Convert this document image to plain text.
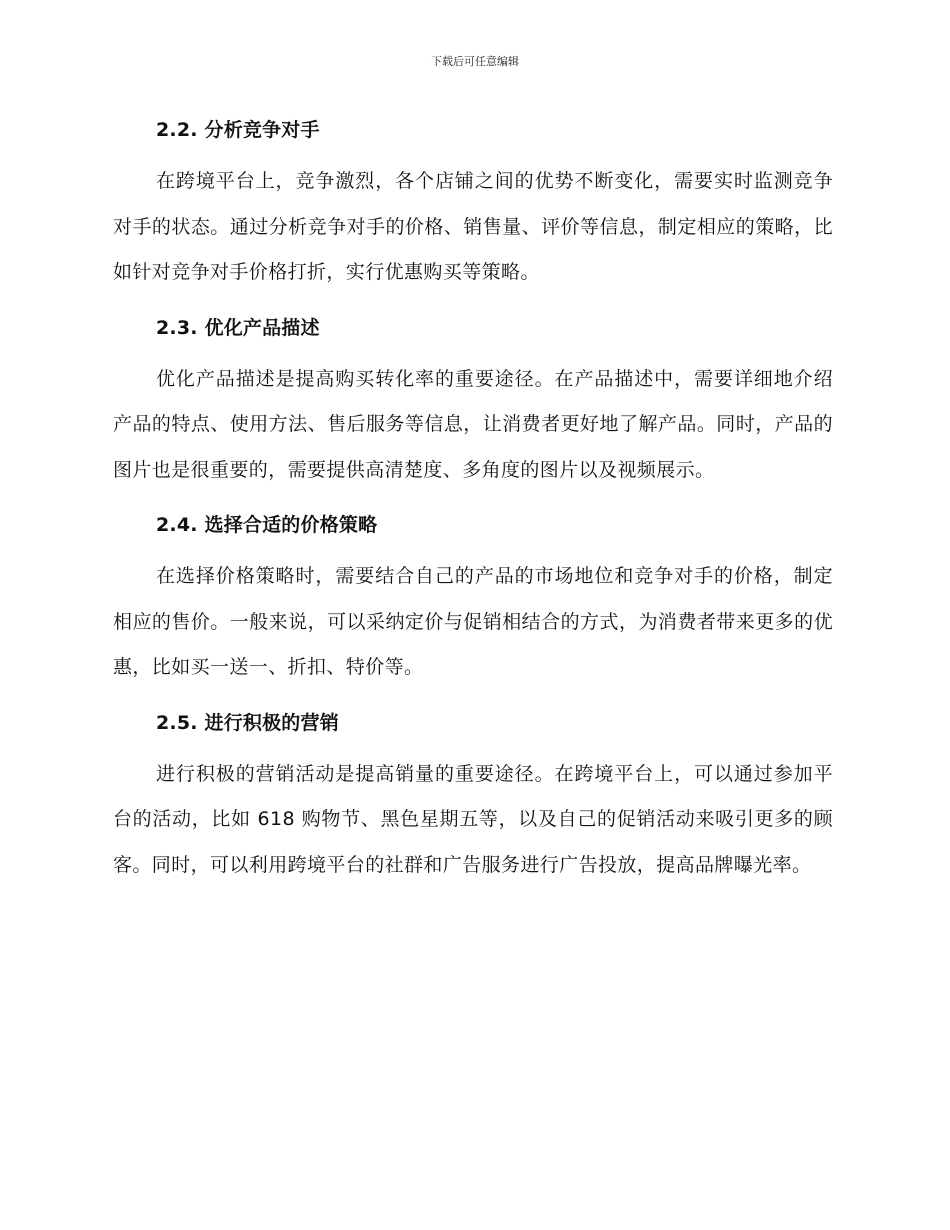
下载后可任意编辑
2.2. 分析竞争对手

在跨境平台上，竞争激烈，各个店铺之间的优势不断变化，需要实时监测竞争对手的状态。通过分析竞争对手的价格、销售量、评价等信息，制定相应的策略，比如针对竞争对手价格打折，实行优惠购买等策略。

2.3. 优化产品描述

优化产品描述是提高购买转化率的重要途径。在产品描述中，需要详细地介绍产品的特点、使用方法、售后服务等信息，让消费者更好地了解产品。同时，产品的图片也是很重要的，需要提供高清楚度、多角度的图片以及视频展示。

2.4. 选择合适的价格策略

在选择价格策略时，需要结合自己的产品的市场地位和竞争对手的价格，制定相应的售价。一般来说，可以采纳定价与促销相结合的方式，为消费者带来更多的优惠，比如买一送一、折扣、特价等。

2.5. 进行积极的营销

进行积极的营销活动是提高销量的重要途径。在跨境平台上，可以通过参加平台的活动，比如 618 购物节、黑色星期五等，以及自己的促销活动来吸引更多的顾客。同时，可以利用跨境平台的社群和广告服务进行广告投放，提高品牌曝光率。
